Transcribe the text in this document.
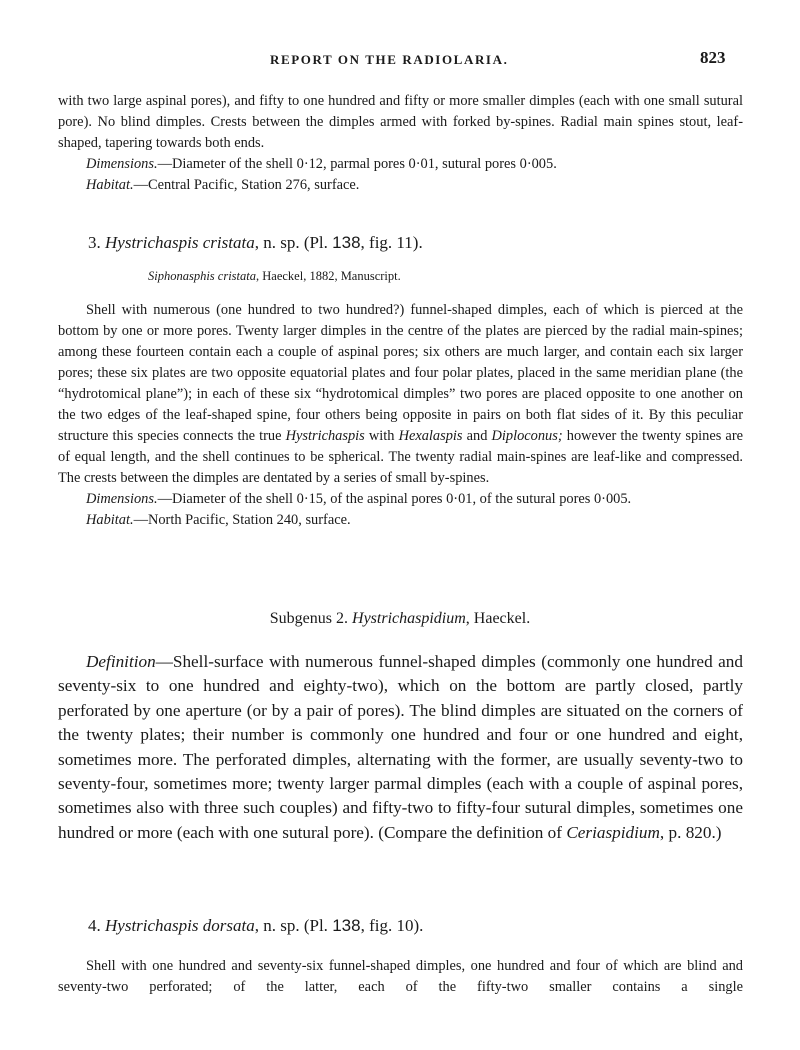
REPORT ON THE RADIOLARIA.	823

with two large aspinal pores), and fifty to one hundred and fifty or more smaller dimples (each with one small sutural pore). No blind dimples. Crests between the dimples armed with forked by-spines. Radial main spines stout, leaf-shaped, tapering towards both ends.

Dimensions.—Diameter of the shell 0·12, parmal pores 0·01, sutural pores 0·005.

Habitat.—Central Pacific, Station 276, surface.

3. Hystrichaspis cristata, n. sp. (Pl. 138, fig. 11).
Siphonasphis cristata, Haeckel, 1882, Manuscript.

Shell with numerous (one hundred to two hundred?) funnel-shaped dimples, each of which is pierced at the bottom by one or more pores. Twenty larger dimples in the centre of the plates are pierced by the radial main-spines; among these fourteen contain each a couple of aspinal pores; six others are much larger, and contain each six larger pores; these six plates are two opposite equatorial plates and four polar plates, placed in the same meridian plane (the “hydrotomical plane”); in each of these six “hydrotomical dimples” two pores are placed opposite to one another on the two edges of the leaf-shaped spine, four others being opposite in pairs on both flat sides of it. By this peculiar structure this species connects the true Hystrichaspis with Hexalaspis and Diploconus; however the twenty spines are of equal length, and the shell continues to be spherical. The twenty radial main-spines are leaf-like and compressed. The crests between the dimples are dentated by a series of small by-spines.

Dimensions.—Diameter of the shell 0·15, of the aspinal pores 0·01, of the sutural pores 0·005.

Habitat.—North Pacific, Station 240, surface.

Subgenus 2. Hystrichaspidium, Haeckel.

Definition—Shell-surface with numerous funnel-shaped dimples (commonly one hundred and seventy-six to one hundred and eighty-two), which on the bottom are partly closed, partly perforated by one aperture (or by a pair of pores). The blind dimples are situated on the corners of the twenty plates; their number is commonly one hundred and four or one hundred and eight, sometimes more. The perforated dimples, alternating with the former, are usually seventy-two to seventy-four, sometimes more; twenty larger parmal dimples (each with a couple of aspinal pores, sometimes also with three such couples) and fifty-two to fifty-four sutural dimples, sometimes one hundred or more (each with one sutural pore). (Compare the definition of Ceriaspidium, p. 820.)

4. Hystrichaspis dorsata, n. sp. (Pl. 138, fig. 10).

Shell with one hundred and seventy-six funnel-shaped dimples, one hundred and four of which are blind and seventy-two perforated; of the latter, each of the fifty-two smaller contains a single
